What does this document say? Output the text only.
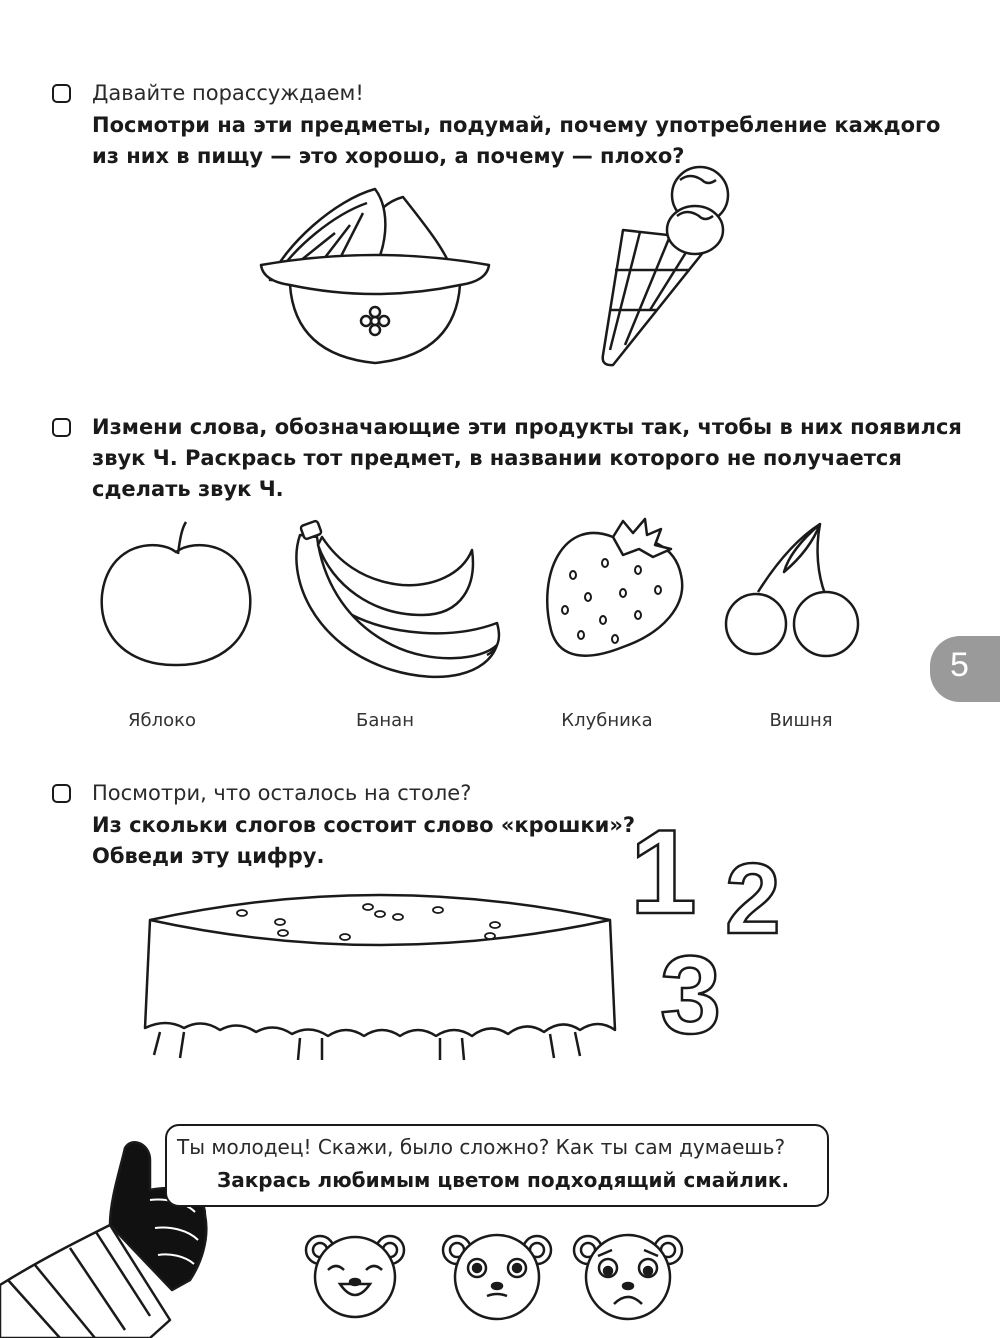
Давайте порассуждаем!
Посмотри на эти предметы, подумай, почему употребление каждого
из них в пищу — это хорошо, а почему — плохо?
Измени слова, обозначающие эти продукты так, чтобы в них появился
звук Ч. Раскрась тот предмет, в названии которого не получается
сделать звук Ч.
Яблоко	Банан	Клубника	Вишня
5
Посмотри, что осталось на столе?
Из скольки слогов состоит слово «крошки»?
Обведи эту цифру.	1 2
3
Ты молодец! Скажи, было сложно? Как ты сам думаешь?
Закрась любимым цветом подходящий смайлик.
